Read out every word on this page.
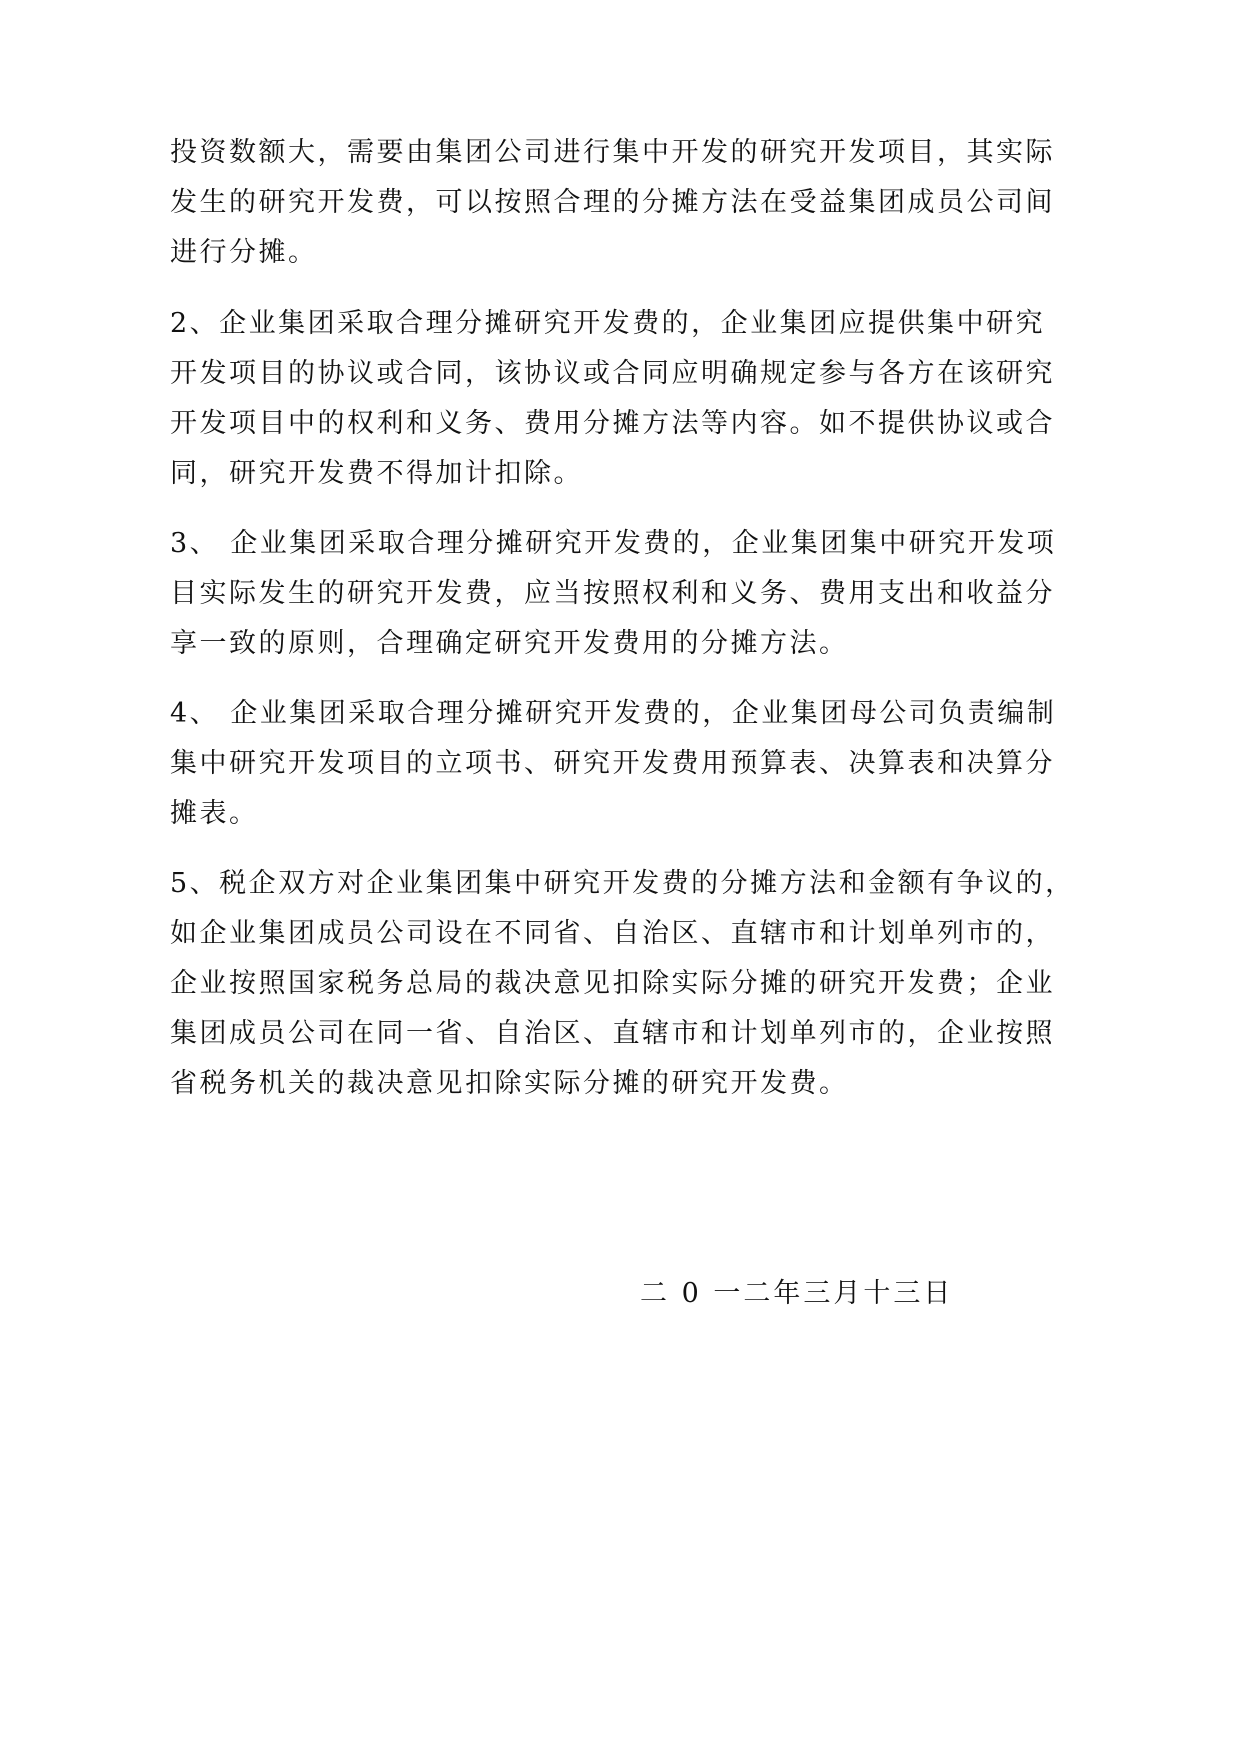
投资数额大，需要由集团公司进行集中开发的研究开发项目，其实际
发生的研究开发费，可以按照合理的分摊方法在受益集团成员公司间
进行分摊。
2、企业集团采取合理分摊研究开发费的，企业集团应提供集中研究
开发项目的协议或合同，该协议或合同应明确规定参与各方在该研究
开发项目中的权利和义务、费用分摊方法等内容。如不提供协议或合
同，研究开发费不得加计扣除。
3、 企业集团采取合理分摊研究开发费的，企业集团集中研究开发项
目实际发生的研究开发费，应当按照权利和义务、费用支出和收益分
享一致的原则，合理确定研究开发费用的分摊方法。
4、 企业集团采取合理分摊研究开发费的，企业集团母公司负责编制
集中研究开发项目的立项书、研究开发费用预算表、决算表和决算分
摊表。
5、税企双方对企业集团集中研究开发费的分摊方法和金额有争议的，
如企业集团成员公司设在不同省、自治区、直辖市和计划单列市的，
企业按照国家税务总局的裁决意见扣除实际分摊的研究开发费；企业
集团成员公司在同一省、自治区、直辖市和计划单列市的，企业按照
省税务机关的裁决意见扣除实际分摊的研究开发费。
二 0 一二年三月十三日
